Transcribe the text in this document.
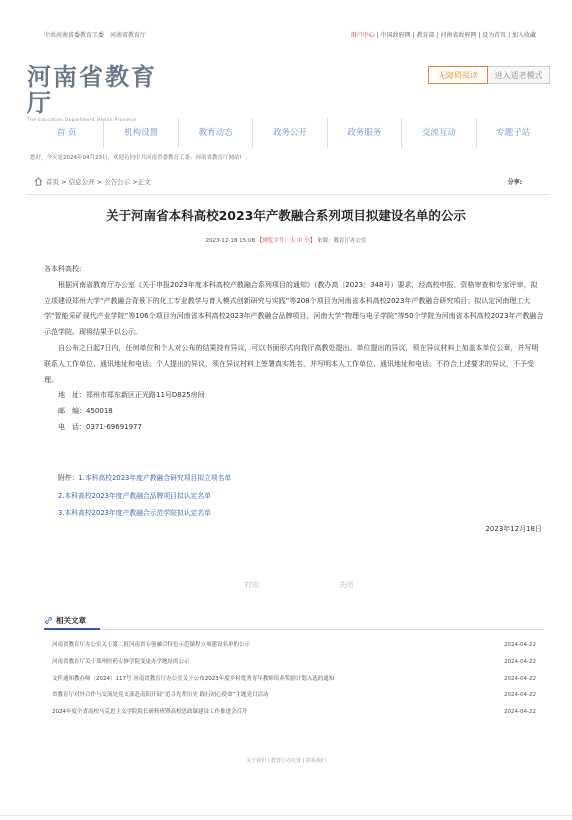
中共河南省委教育工委　河南省教育厅	用户中心 | 中国政府网 | 教育部 | 河南省政府网 | 设为首页 | 加入收藏
河南省教育厅
The Education Department Henan Province
无障碍阅读	进入适老模式
首 页	机构设置	教育动态	政务公开	政务服务	交流互动	专题子站
您好，今天是2024年04月23日，欢迎访问中共河南省委教育工委、河南省教育厅网站!
首页 > 信息公开 > 公告公示 >正文	分享:
关于河南省本科高校2023年产教融合系列项目拟建设名单的公示
2023-12-18 15:08 【浏览字号：大 中 小】 来源：教育厅办公室

各本科高校:

根据河南省教育厅办公室《关于申报2023年度本科高校产教融合系列项目的通知》（教办高〔2023〕348号）要求，经高校申报、资格审查和专家评审，拟立项建设郑州大学“产教融合背景下的化工专业教学与育人模式创新研究与实践”等208个项目为河南省本科高校2023年产教融合研究项目；拟认定河南理工大学“智能采矿现代产业学院”等106个项目为河南省本科高校2023年产教融合品牌项目、河南大学“物理与电子学院”等50个学院为河南省本科高校2023年产教融合示范学院。现将结果予以公示。

自公布之日起7日内，任何单位和个人对公布的结果持有异议，可以书面形式向我厅高教处提出。单位提出的异议，须在异议材料上加盖本单位公章，并写明联系人工作单位、通讯地址和电话。个人提出的异议，须在异议材料上签署真实姓名，并写明本人工作单位、通讯地址和电话。不符合上述要求的异议，不予受理。

地　址：郑州市郑东新区正光路11号D825房间

邮　编：450018

电　话：0371-69691977

附件：1.本科高校2023年度产教融合研究项目拟立项名单
2.本科高校2023年度产教融合品牌项目拟认定名单
3.本科高校2023年度产教融合示范学院拟认定名单
2023年12月18日
打印	关闭
相关文章
河南省教育厅办公室关于第二批河南省专创融合特色示范课程立项建设名单的公示	2024-04-22
河南省教育厅关于郑州医药专修学院变更办学地址的公示	2024-04-22
文件通知教办师〔2024〕117号 河南省教育厅办公室关于公布2023年度乡村优秀青年教师培养奖励计划入选的通知	2024-04-22
省教育厅对外合作与交流处党支部赴南阳开展“追寻先辈历史 践行初心使命”主题党日活动	2024-04-22
2024年度全省高校马克思主义学院院长研修班暨高校思政课建设工作推进会召开	2024-04-22
关于我们 | 教育厅办位置 | 联系我们
